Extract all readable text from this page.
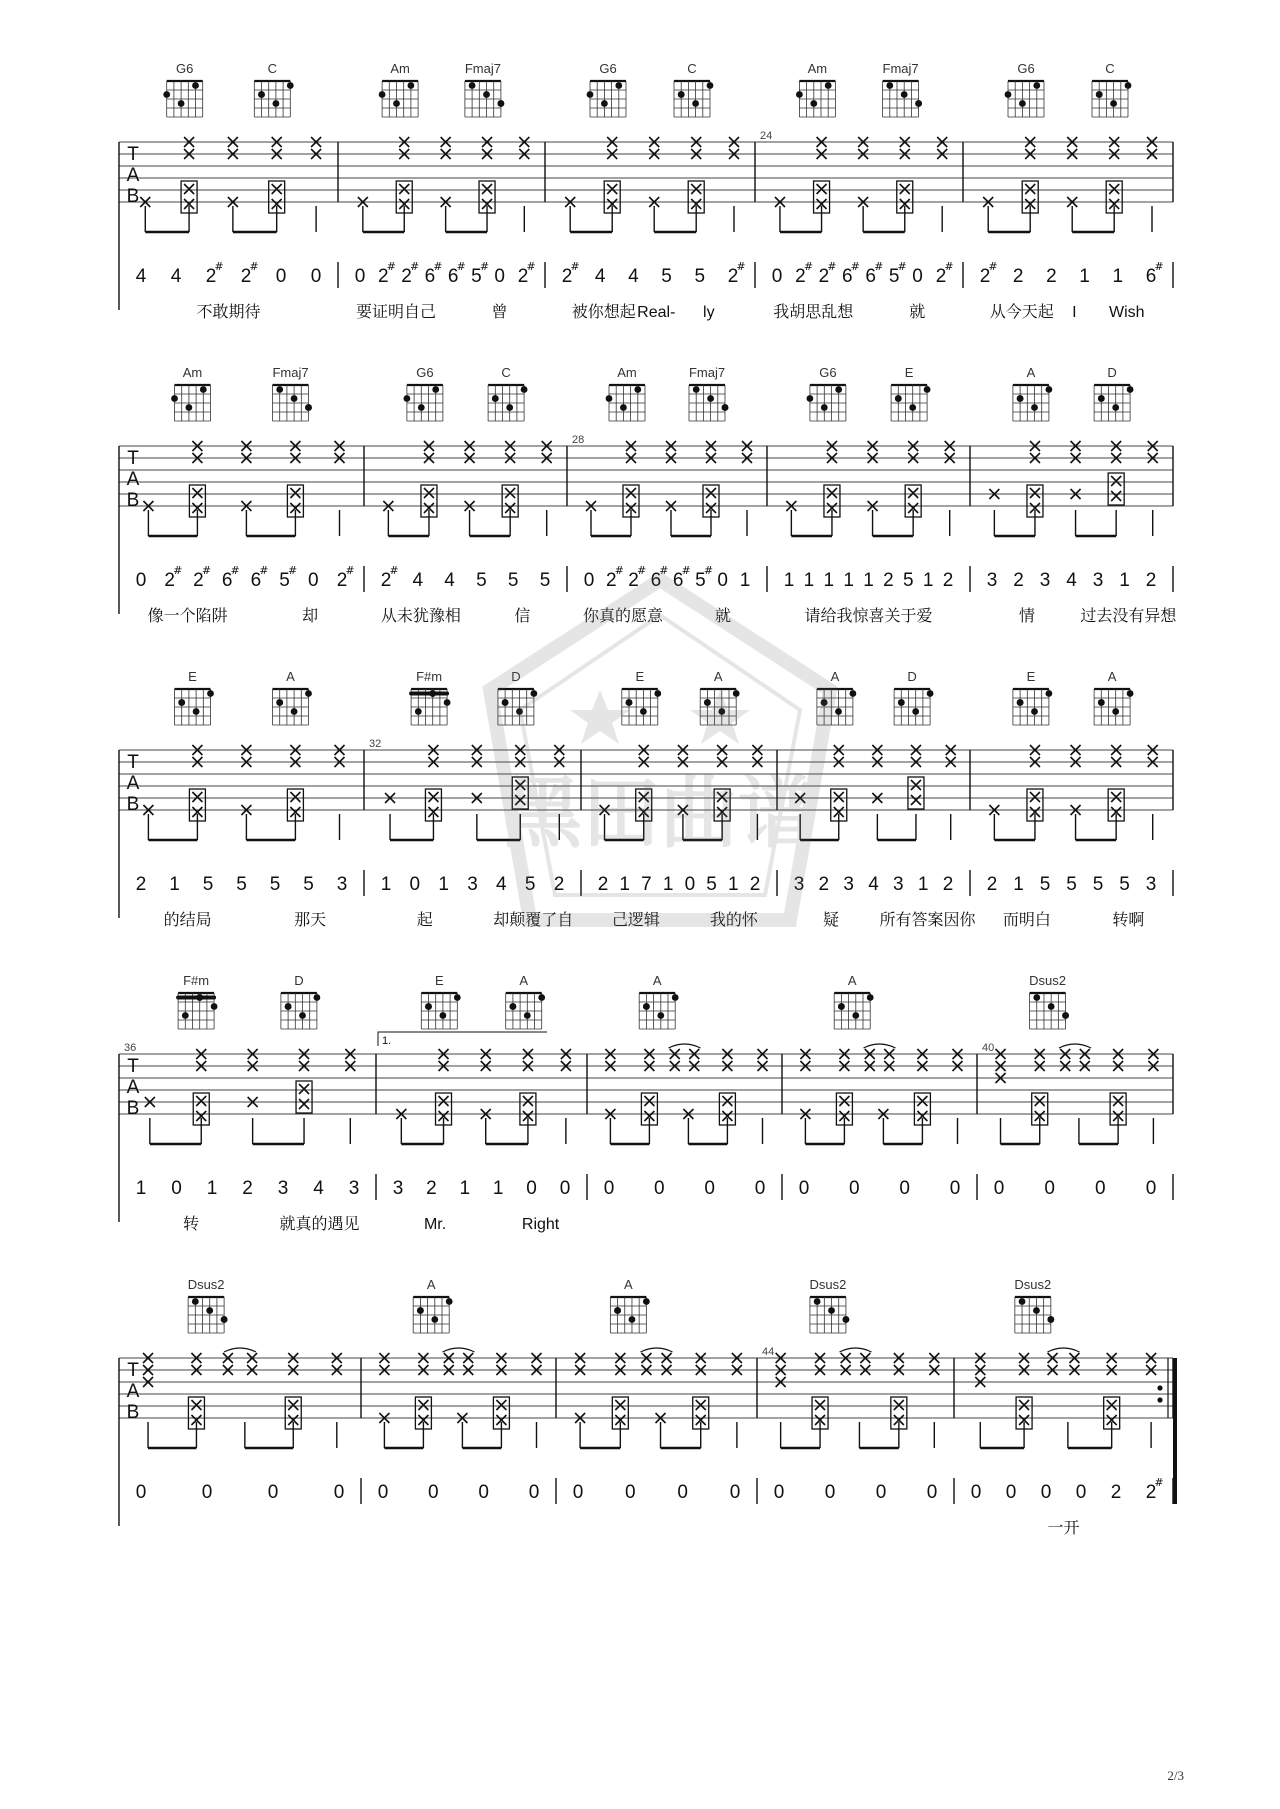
T
A
B
G6	C
4 4 2
# 2
# 0 0
不敢期待
Am	Fmaj7
0 2
# 2
# 6
# 6
# 5
# 0 2
#
要证明自己	曾
G6	C
2
# 4 4 5 5 2
#
被你想起 Real- ly
Am	Fmaj7
24
0 2
# 2
# 6
# 6
# 5
# 0 2
#
我胡思乱想	就
G6	C
2
# 2 2 1 1 6
#
从今天起 I Wish
T
A
B
Am	Fmaj7
0 2
# 2
# 6
# 6
# 5
# 0 2
#
像一个陷阱	却
G6	C
2
# 4 4 5 5 5
从未犹豫相	信
Am	Fmaj7
28
0 2
# 2
# 6
# 6
# 5
# 0 1
你真的愿意	就
G6	E
1 1 1 1 1 2 5 1 2
请给我惊喜关于爱
A	D
3 2 3 4 3 1 2
情	过去没有异想
T
A
B
E	A
2 1 5 5 5 5 3
的结局	那天
F#m	D
32
1 0 1 3 4 5 2
起	却颠覆了自
E	A
2 1 7 1 0 5 1 2
己逻辑	我的怀
A	D
3 2 3 4 3 1 2
疑	所有答案因你
E	A
2 1 5 5 5 5 3
而明白	转啊
T
A
B
F#m	D
36
1 0 1 2 3 4 3
转	就真的遇见
E	A
1.
3 2 1 1 0 0
Mr.	Right
A
0 0 0 0
A
0 0 0 0
Dsus2
40
0 0 0 0
T
A
B
Dsus2
0	0	0	0
A
0 0 0 0
A
0 0 0 0
Dsus2
44
0 0 0 0
Dsus2
0 0 0 0 2 2
#
一开
黑田曲谱
2/3
